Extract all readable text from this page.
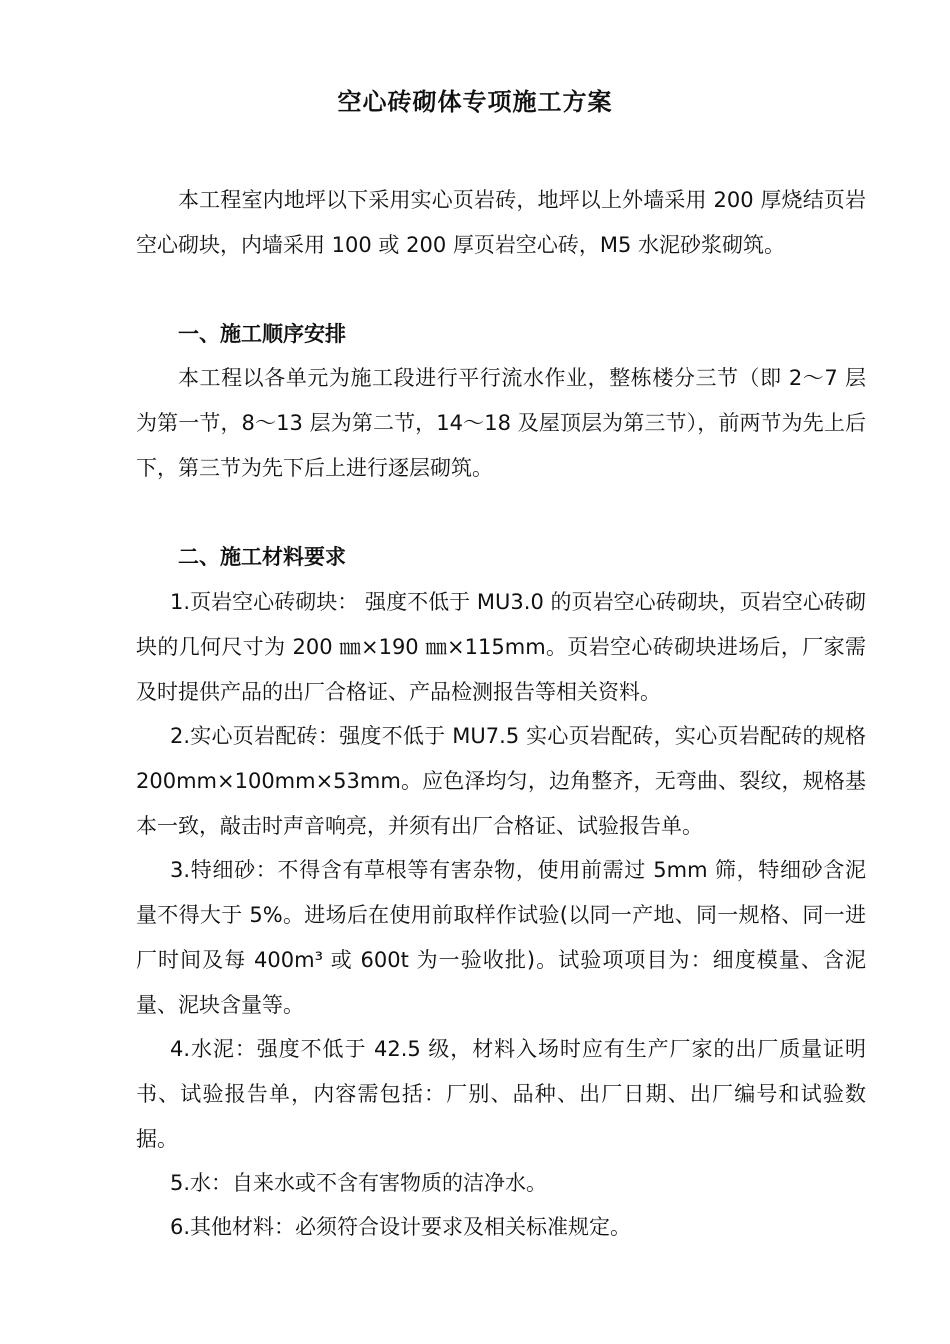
空心砖砌体专项施工方案

本工程室内地坪以下采用实心页岩砖，地坪以上外墙采用 200 厚烧结页岩空心砌块，内墙采用 100 或 200 厚页岩空心砖，M5 水泥砂浆砌筑。

一、施工顺序安排

本工程以各单元为施工段进行平行流水作业，整栋楼分三节（即 2～7 层为第一节，8～13 层为第二节，14～18 及屋顶层为第三节），前两节为先上后下，第三节为先下后上进行逐层砌筑。

二、施工材料要求

1.页岩空心砖砌块： 强度不低于 MU3.0 的页岩空心砖砌块，页岩空心砖砌块的几何尺寸为 200 ㎜×190 ㎜×115mm。页岩空心砖砌块进场后，厂家需及时提供产品的出厂合格证、产品检测报告等相关资料。

2.实心页岩配砖：强度不低于 MU7.5 实心页岩配砖，实心页岩配砖的规格 200mm×100mm×53mm。应色泽均匀，边角整齐，无弯曲、裂纹，规格基本一致，敲击时声音响亮，并须有出厂合格证、试验报告单。

3.特细砂：不得含有草根等有害杂物，使用前需过 5mm 筛，特细砂含泥量不得大于 5%。进场后在使用前取样作试验(以同一产地、同一规格、同一进厂时间及每 400m³ 或 600t 为一验收批)。试验项项目为：细度模量、含泥量、泥块含量等。

4.水泥：强度不低于 42.5 级，材料入场时应有生产厂家的出厂质量证明书、试验报告单，内容需包括：厂别、品种、出厂日期、出厂编号和试验数据。

5.水：自来水或不含有害物质的洁净水。

6.其他材料：必须符合设计要求及相关标准规定。
